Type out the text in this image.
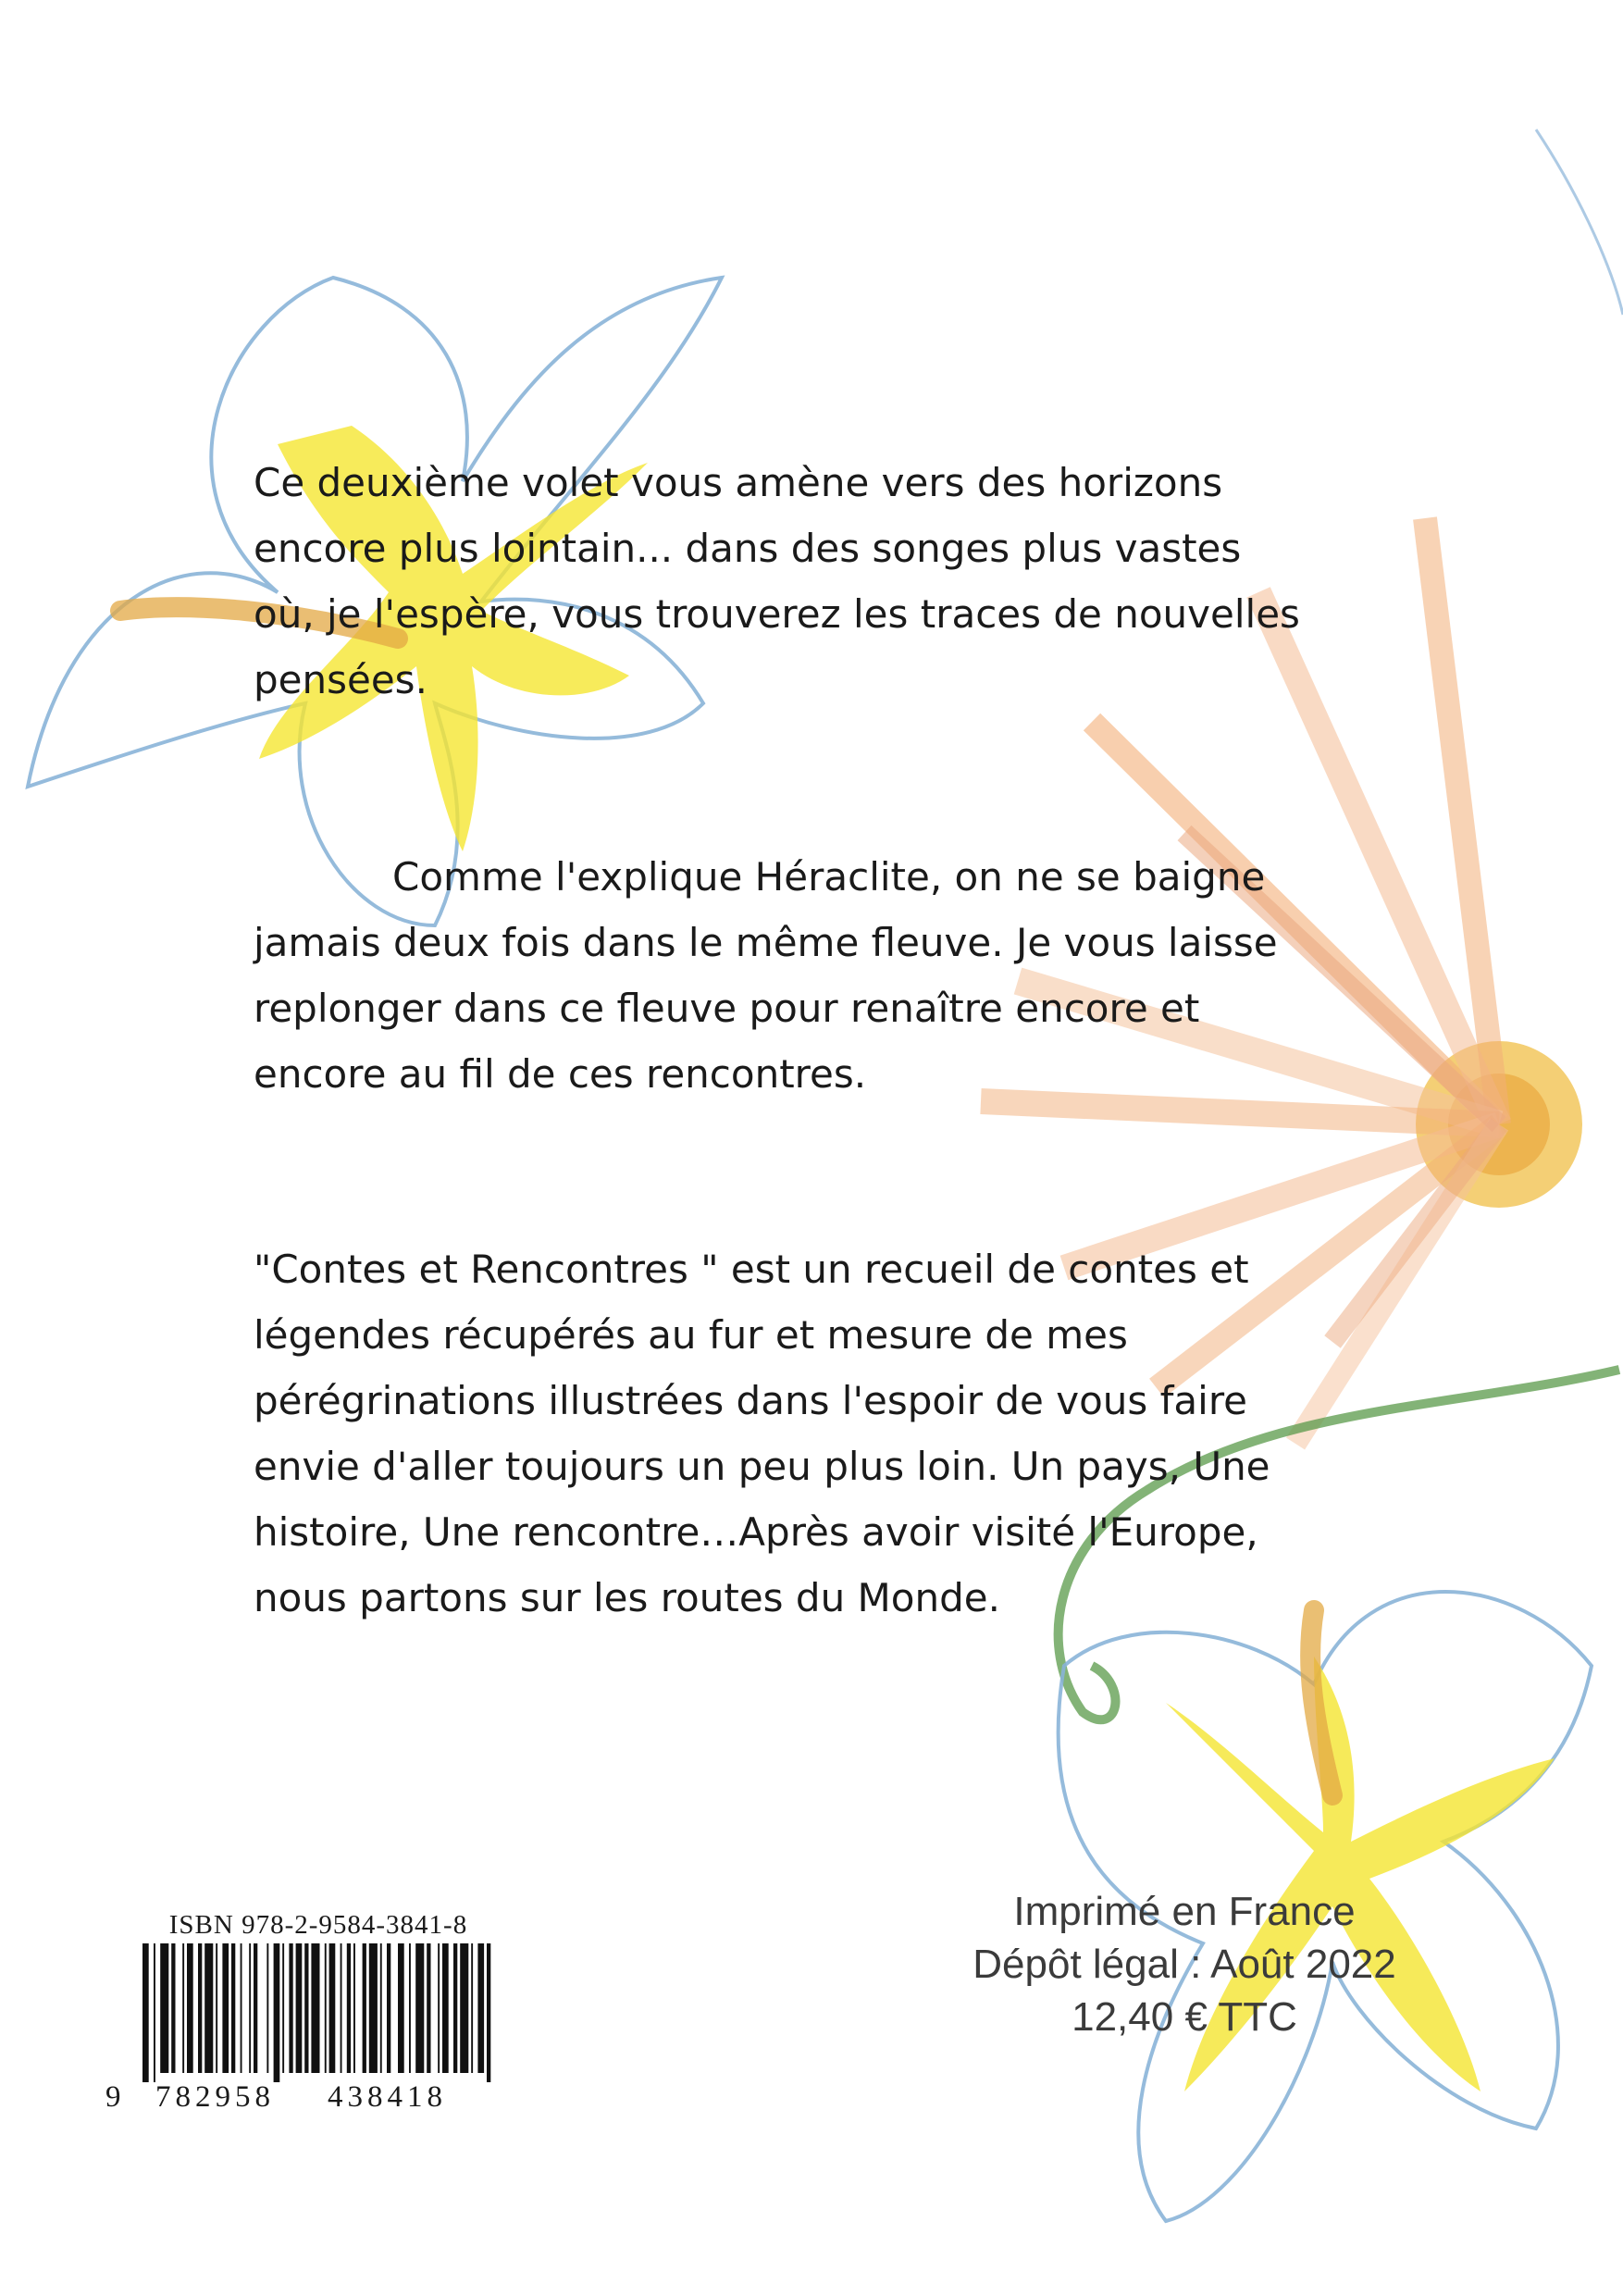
Ce deuxième volet vous amène vers des horizons
encore plus lointain... dans des songes plus vastes
où, je l'espère, vous trouverez les traces de nouvelles
pensées.

Comme l'explique Héraclite, on ne se baigne
jamais deux fois dans le même fleuve. Je vous laisse
replonger dans ce fleuve pour renaître encore et
encore au fil de ces rencontres.

"Contes et Rencontres " est un recueil de contes et
légendes récupérés au fur et mesure de mes
pérégrinations illustrées dans l'espoir de vous faire
envie d'aller toujours un peu plus loin. Un pays, Une
histoire, Une rencontre…Après avoir visité l'Europe,
nous partons sur les routes du Monde.

ISBN 978-2-9584-3841-8
9 782958 438418
Imprimé en France
Dépôt légal : Août 2022
12,40 € TTC
